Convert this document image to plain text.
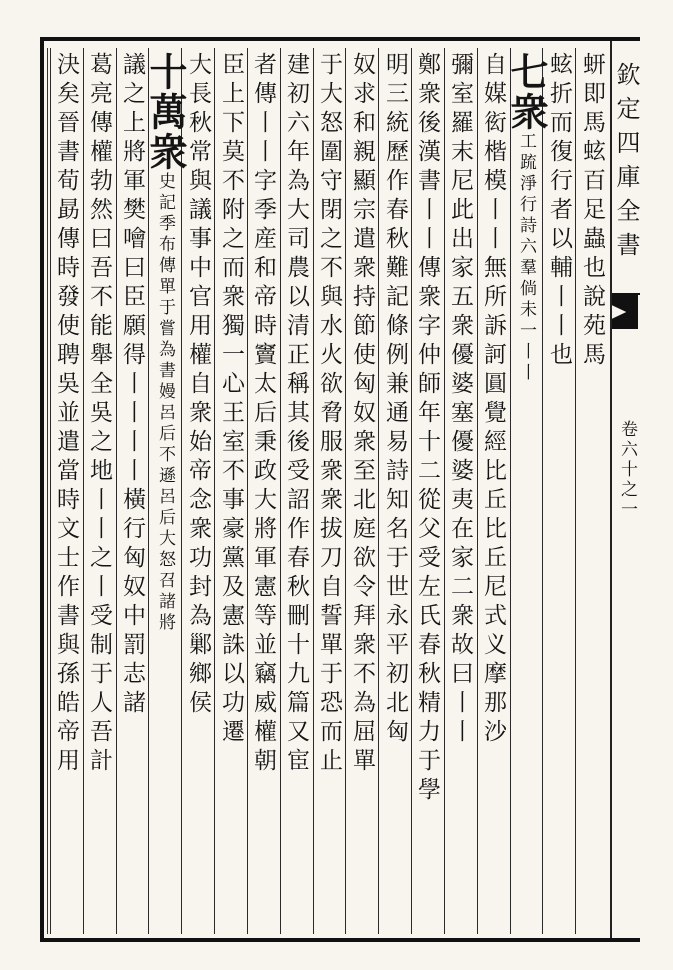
欽定四庫全書
卷六十之一
蚈即馬蚿百足蟲也說苑馬
蚿折而復行者以輔丨丨也
七衆
工䟽淨行詩六羣倘未一丨丨
自媒衒楷模丨丨無所訴訶圓覺經比丘比丘尼式义摩那沙
彌室羅末尼此出家五衆優婆塞優婆夷在家二衆故曰丨丨
鄭衆後漢書丨丨傳衆字仲師年十二從父受左氏春秋精力于學
明三統歷作春秋難記條例兼通易詩知名于世永平初北匈
奴求和親顯宗遣衆持節使匈奴衆至北庭欲令拜衆不為屈單
于大怒圍守閉之不與水火欲脅服衆衆拔刀自誓單于恐而止
建初六年為大司農以清正稱其後受詔作春秋刪十九篇又宦
者傳丨丨字季産和帝時竇太后秉政大將軍憲等並竊威權朝
臣上下莫不附之而衆獨一心王室不事豪黨及憲誅以功遷
大長秋常與議事中官用權自衆始帝念衆功封為鄛鄉侯
十萬衆
史記季布傳單于嘗為書嫚呂后不遜呂后大怒召諸將
議之上將軍樊噲曰臣願得丨丨丨丨橫行匈奴中罰志諸
葛亮傳權勃然曰吾不能舉全吳之地丨丨之丨受制于人吾計
決矣晉書荀勗傳時發使聘吳並遣當時文士作書與孫皓帝用
